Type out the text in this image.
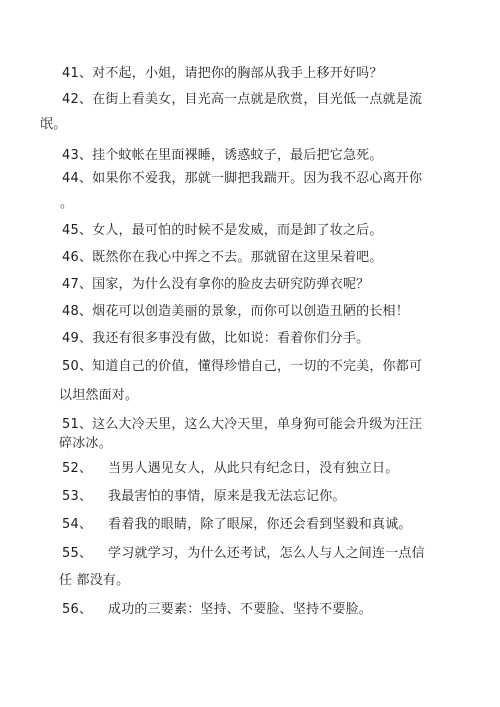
41、对不起，小姐，请把你的胸部从我手上移开好吗？
42、在街上看美女，目光高一点就是欣赏，目光低一点就是流
氓。
43、挂个蚊帐在里面裸睡，诱惑蚊子，最后把它急死。
44、如果你不爱我，那就一脚把我踹开。因为我不忍心离开你
。
45、女人，最可怕的时候不是发威，而是卸了妆之后。
46、既然你在我心中挥之不去。那就留在这里呆着吧。
47、国家，为什么没有拿你的脸皮去研究防弹衣呢？
48、烟花可以创造美丽的景象，而你可以创造丑陋的长相！
49、我还有很多事没有做，比如说：看着你们分手。
50、知道自己的价值，懂得珍惜自己，一切的不完美，你都可
以坦然面对。
51、这么大冷天里，这么大冷天里，单身狗可能会升级为汪汪
碎冰冰。
52、 当男人遇见女人，从此只有纪念日，没有独立日。
53、 我最害怕的事情，原来是我无法忘记你。
54、 看着我的眼睛，除了眼屎，你还会看到坚毅和真诚。
55、 学习就学习，为什么还考试，怎么人与人之间连一点信
任 都没有。
56、 成功的三要素：坚持、不要脸、坚持不要脸。
